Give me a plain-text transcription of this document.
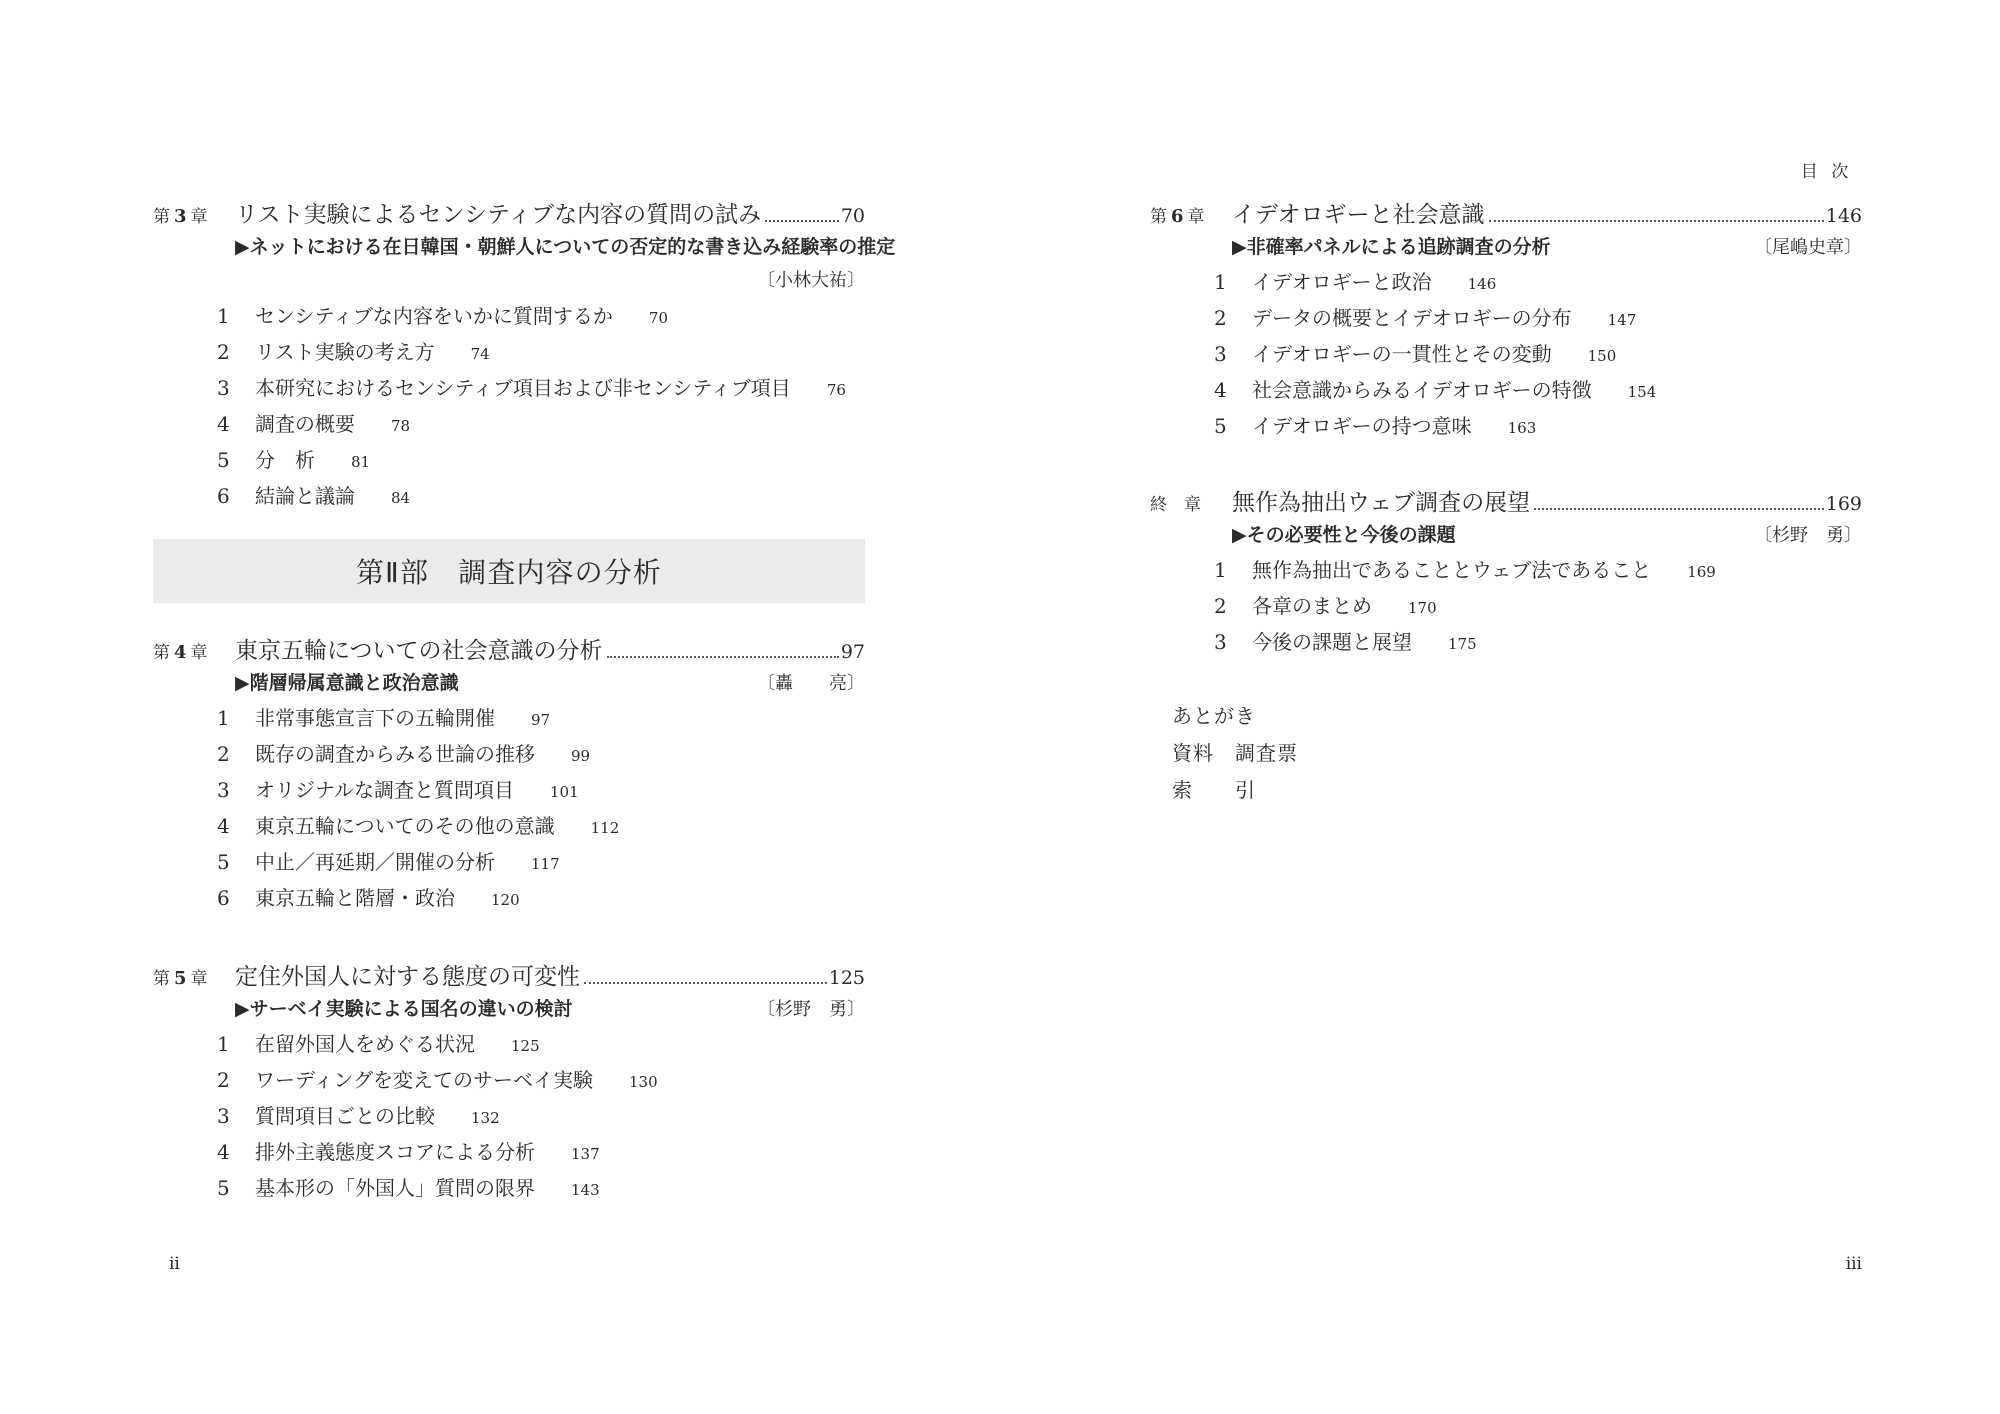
第 3 章	リスト実験によるセンシティブな内容の質問の試み	70
▶ネットにおける在日韓国・朝鮮人についての否定的な書き込み経験率の推定
〔小林大祐〕
1	センシティブな内容をいかに質問するか 70
2	リスト実験の考え方 74
3	本研究におけるセンシティブ項目および非センシティブ項目 76
4	調査の概要 78
5	分　析 81
6	結論と議論 84
第Ⅱ部　調査内容の分析
第 4 章	東京五輪についての社会意識の分析	97
▶階層帰属意識と政治意識	〔轟　　亮〕
1	非常事態宣言下の五輪開催 97
2	既存の調査からみる世論の推移 99
3	オリジナルな調査と質問項目 101
4	東京五輪についてのその他の意識 112
5	中止／再延期／開催の分析 117
6	東京五輪と階層・政治 120
第 5 章	定住外国人に対する態度の可変性	125
▶サーベイ実験による国名の違いの検討	〔杉野　勇〕
1	在留外国人をめぐる状況 125
2	ワーディングを変えてのサーベイ実験 130
3	質問項目ごとの比較 132
4	排外主義態度スコアによる分析 137
5	基本形の「外国人」質問の限界 143
ii
目次
第 6 章	イデオロギーと社会意識	146
▶非確率パネルによる追跡調査の分析	〔尾嶋史章〕
1	イデオロギーと政治 146
2	データの概要とイデオロギーの分布 147
3	イデオロギーの一貫性とその変動 150
4	社会意識からみるイデオロギーの特徴 154
5	イデオロギーの持つ意味 163
終　章	無作為抽出ウェブ調査の展望	169
▶その必要性と今後の課題	〔杉野　勇〕
1	無作為抽出であることとウェブ法であること 169
2	各章のまとめ 170
3	今後の課題と展望 175
あとがき
資料　調査票
索　　引
iii
